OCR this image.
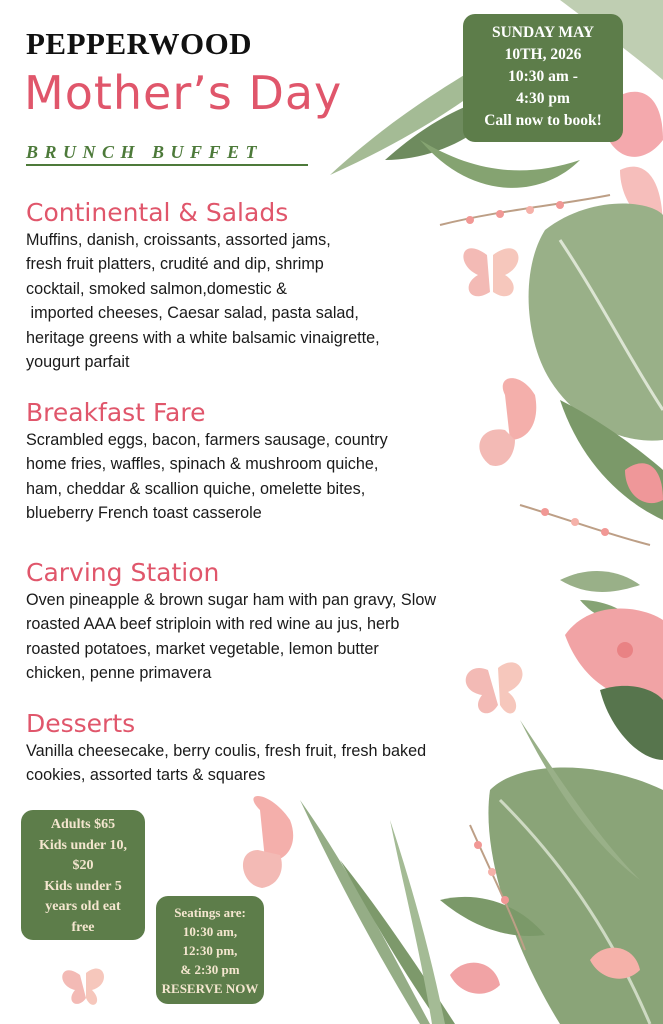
PEPPERWOOD
Mother’s Day
BRUNCH BUFFET
SUNDAY MAY
10TH, 2026
10:30 am -
4:30 pm
Call now to book!
Continental & Salads

Muffins, danish, croissants, assorted jams,
fresh fruit platters, crudité and dip, shrimp
cocktail, smoked salmon,domestic &
imported cheeses, Caesar salad, pasta salad,
heritage greens with a white balsamic vinaigrette,
yougurt parfait

Breakfast Fare

Scrambled eggs, bacon, farmers sausage, country
home fries, waffles, spinach & mushroom quiche,
ham, cheddar & scallion quiche, omelette bites,
blueberry French toast casserole

Carving Station

Oven pineapple & brown sugar ham with pan gravy, Slow
roasted AAA beef striploin with red wine au jus, herb
roasted potatoes, market vegetable, lemon butter
chicken, penne primavera

Desserts

Vanilla cheesecake, berry coulis, fresh fruit, fresh baked
cookies, assorted tarts & squares

Adults $65
Kids under 10,
$20
Kids under 5
years old eat
free
Seatings are:
10:30 am,
12:30 pm,
& 2:30 pm
RESERVE NOW
